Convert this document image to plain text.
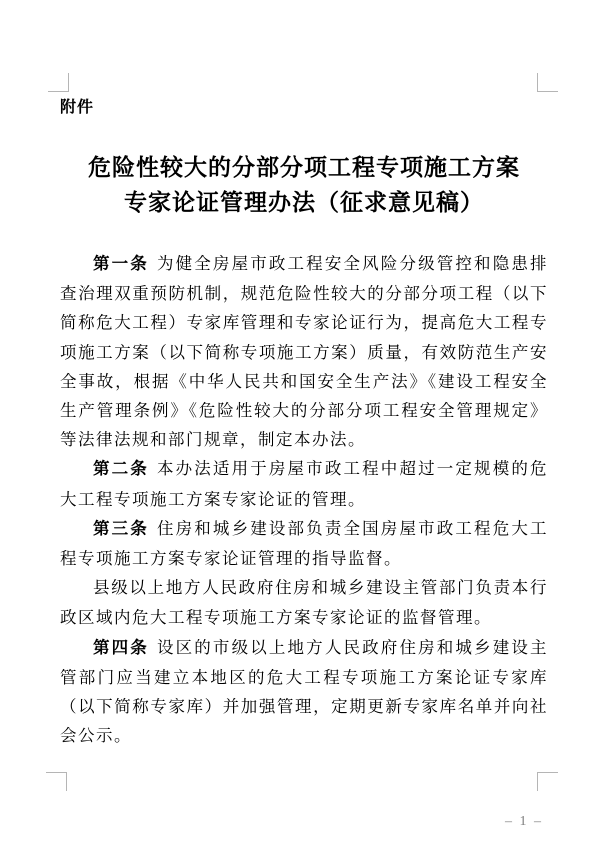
附件
危险性较大的分部分项工程专项施工方案
专家论证管理办法（征求意见稿）

第一条 为健全房屋市政工程安全风险分级管控和隐患排查治理双重预防机制，规范危险性较大的分部分项工程（以下简称危大工程）专家库管理和专家论证行为，提高危大工程专项施工方案（以下简称专项施工方案）质量，有效防范生产安全事故，根据《中华人民共和国安全生产法》《建设工程安全生产管理条例》《危险性较大的分部分项工程安全管理规定》等法律法规和部门规章，制定本办法。

第二条 本办法适用于房屋市政工程中超过一定规模的危大工程专项施工方案专家论证的管理。

第三条 住房和城乡建设部负责全国房屋市政工程危大工程专项施工方案专家论证管理的指导监督。

县级以上地方人民政府住房和城乡建设主管部门负责本行政区域内危大工程专项施工方案专家论证的监督管理。

第四条 设区的市级以上地方人民政府住房和城乡建设主管部门应当建立本地区的危大工程专项施工方案论证专家库（以下简称专家库）并加强管理，定期更新专家库名单并向社会公示。

– 1 –
